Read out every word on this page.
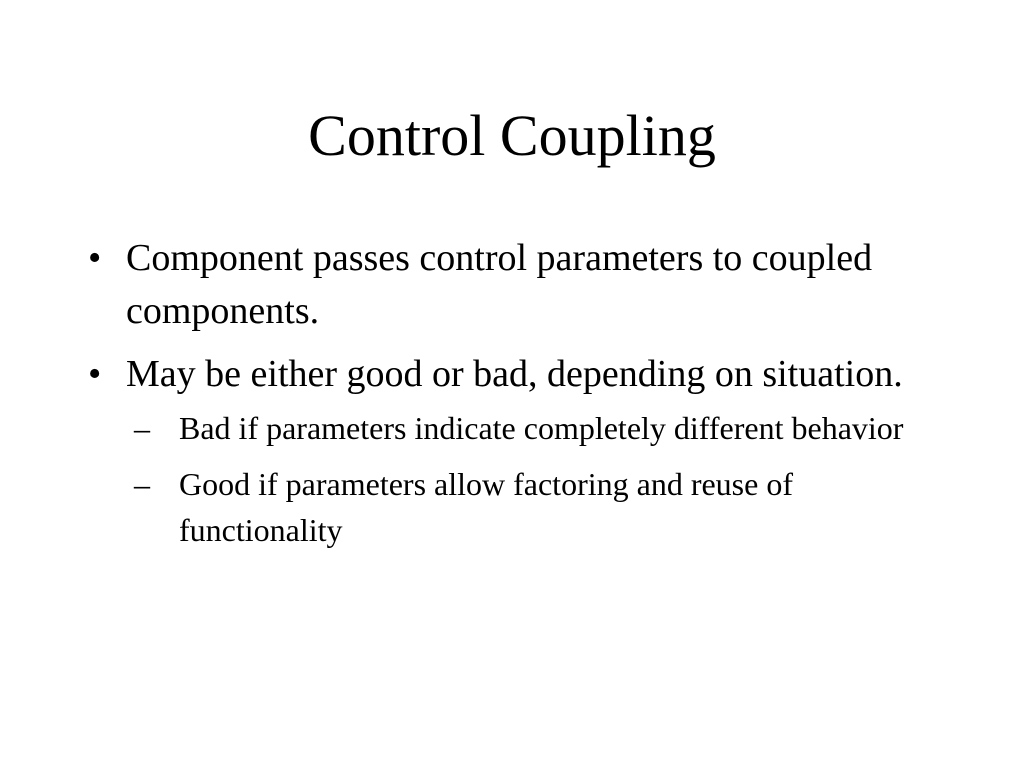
Control Coupling
• Component passes control parameters to coupled components.
• May be either good or bad, depending on situation.
– Bad if parameters indicate completely different behavior
– Good if parameters allow factoring and reuse of functionality
